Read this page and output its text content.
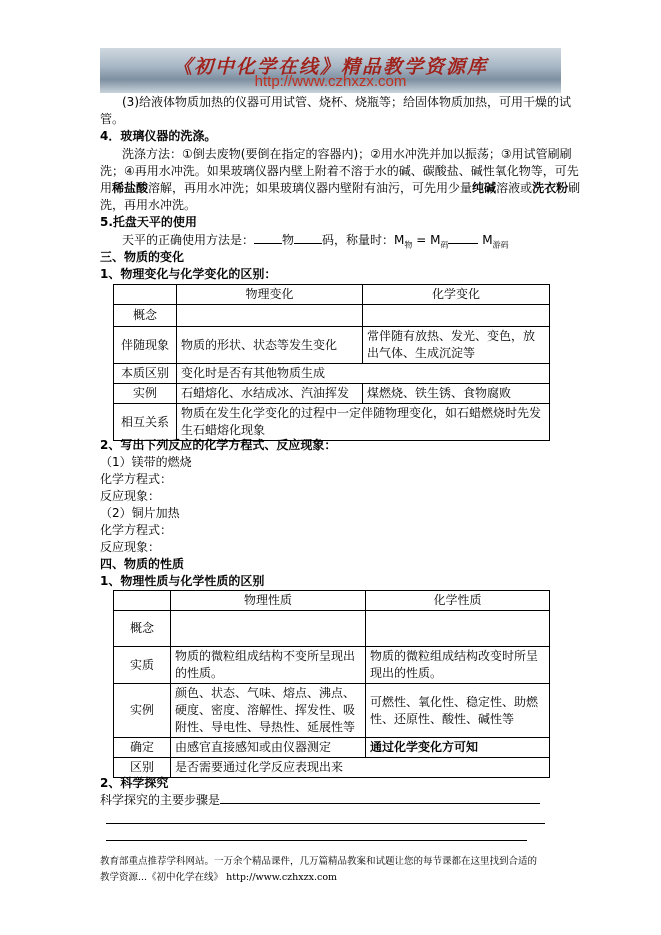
《初中化学在线》精品教学资源库
http://www.czhxzx.com
(3)给液体物质加热的仪器可用试管、烧杯、烧瓶等；给固体物质加热，可用干燥的试
管。
4．玻璃仪器的洗涤。
洗涤方法：①倒去废物(要倒在指定的容器内)；②用水冲洗并加以振荡；③用试管刷刷
洗；④再用水冲洗。如果玻璃仪器内壁上附着不溶于水的碱、碳酸盐、碱性氧化物等，可先
用稀盐酸溶解，再用水冲洗；如果玻璃仪器内壁附有油污，可先用少量纯碱溶液或洗衣粉刷
洗，再用水冲洗。
5.托盘天平的使用
天平的正确使用方法是： 物 码，称量时：$M_物 = M_码$	$M_{游码}$
三、物质的变化
1、物理变化与化学变化的区别：
	物理变化	化学变化
概念		
伴随现象	物质的形状、状态等发生变化	常伴随有放热、发光、变色，放出气体、生成沉淀等
本质区别	变化时是否有其他物质生成	
实例	石蜡熔化、水结成冰、汽油挥发	煤燃烧、铁生锈、食物腐败
相互关系	物质在发生化学变化的过程中一定伴随物理变化，如石蜡燃烧时先发生石蜡熔化现象	
2、写出下列反应的化学方程式、反应现象：
（1）镁带的燃烧
化学方程式：
反应现象：
（2）铜片加热
化学方程式：
反应现象：
四、物质的性质
1、物理性质与化学性质的区别
	物理性质	化学性质
概念		
实质	物质的微粒组成结构不变所呈现出的性质。	物质的微粒组成结构改变时所呈现出的性质。
实例	颜色、状态、气味、熔点、沸点、硬度、密度、溶解性、挥发性、吸附性、导电性、导热性、延展性等	可燃性、氧化性、稳定性、助燃性、还原性、酸性、碱性等
确定	由感官直接感知或由仪器测定	通过化学变化方可知
区别	是否需要通过化学反应表现出来	
2、科学探究
科学探究的主要步骤是
教育部重点推荐学科网站。一万余个精品课件，几万篇精品教案和试题让您的每节课都在这里找到合适的
教学资源...《初中化学在线》 http://www.czhxzx.com
